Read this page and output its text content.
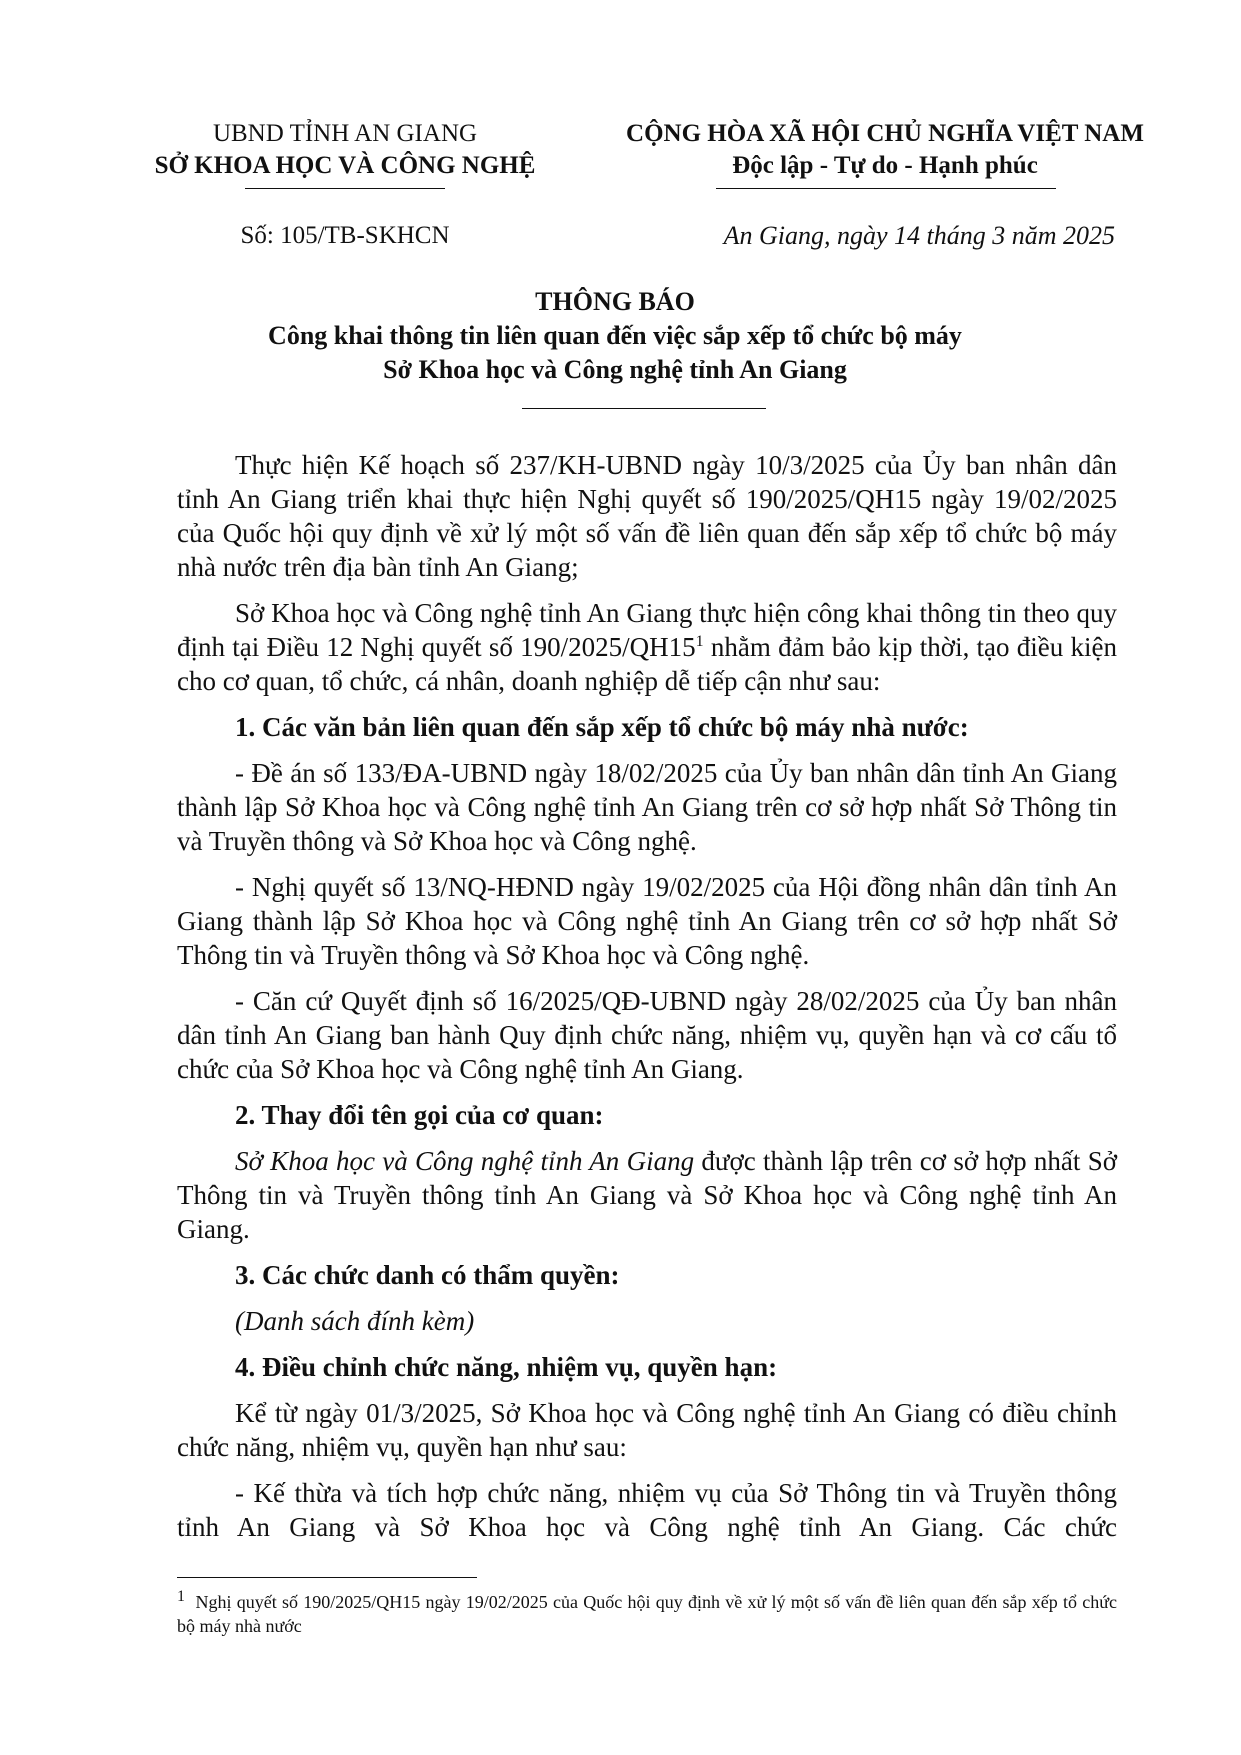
UBND TỈNH AN GIANG
SỞ KHOA HỌC VÀ CÔNG NGHỆ
CỘNG HÒA XÃ HỘI CHỦ NGHĨA VIỆT NAM
Độc lập - Tự do - Hạnh phúc
Số: 105/TB-SKHCN	An Giang, ngày 14 tháng 3 năm 2025
THÔNG BÁO
Công khai thông tin liên quan đến việc sắp xếp tổ chức bộ máy
Sở Khoa học và Công nghệ tỉnh An Giang

Thực hiện Kế hoạch số 237/KH-UBND ngày 10/3/2025 của Ủy ban nhân dân tỉnh An Giang triển khai thực hiện Nghị quyết số 190/2025/QH15 ngày 19/02/2025 của Quốc hội quy định về xử lý một số vấn đề liên quan đến sắp xếp tổ chức bộ máy nhà nước trên địa bàn tỉnh An Giang;

Sở Khoa học và Công nghệ tỉnh An Giang thực hiện công khai thông tin theo quy định tại Điều 12 Nghị quyết số $190/2025/QH15^1$ nhằm đảm bảo kịp thời, tạo điều kiện cho cơ quan, tổ chức, cá nhân, doanh nghiệp dễ tiếp cận như sau:

1. Các văn bản liên quan đến sắp xếp tổ chức bộ máy nhà nước:

- Đề án số 133/ĐA-UBND ngày 18/02/2025 của Ủy ban nhân dân tỉnh An Giang thành lập Sở Khoa học và Công nghệ tỉnh An Giang trên cơ sở hợp nhất Sở Thông tin và Truyền thông và Sở Khoa học và Công nghệ.

- Nghị quyết số 13/NQ-HĐND ngày 19/02/2025 của Hội đồng nhân dân tỉnh An Giang thành lập Sở Khoa học và Công nghệ tỉnh An Giang trên cơ sở hợp nhất Sở Thông tin và Truyền thông và Sở Khoa học và Công nghệ.

- Căn cứ Quyết định số 16/2025/QĐ-UBND ngày 28/02/2025 của Ủy ban nhân dân tỉnh An Giang ban hành Quy định chức năng, nhiệm vụ, quyền hạn và cơ cấu tổ chức của Sở Khoa học và Công nghệ tỉnh An Giang.

2. Thay đổi tên gọi của cơ quan:

Sở Khoa học và Công nghệ tỉnh An Giang được thành lập trên cơ sở hợp nhất Sở Thông tin và Truyền thông tỉnh An Giang và Sở Khoa học và Công nghệ tỉnh An Giang.

3. Các chức danh có thẩm quyền:

(Danh sách đính kèm)

4. Điều chỉnh chức năng, nhiệm vụ, quyền hạn:

Kể từ ngày 01/3/2025, Sở Khoa học và Công nghệ tỉnh An Giang có điều chỉnh chức năng, nhiệm vụ, quyền hạn như sau:

- Kế thừa và tích hợp chức năng, nhiệm vụ của Sở Thông tin và Truyền thông tỉnh An Giang và Sở Khoa học và Công nghệ tỉnh An Giang. Các chức

$^1$ Nghị quyết số 190/2025/QH15 ngày 19/02/2025 của Quốc hội quy định về xử lý một số vấn đề liên quan đến sắp xếp tổ chức bộ máy nhà nước
